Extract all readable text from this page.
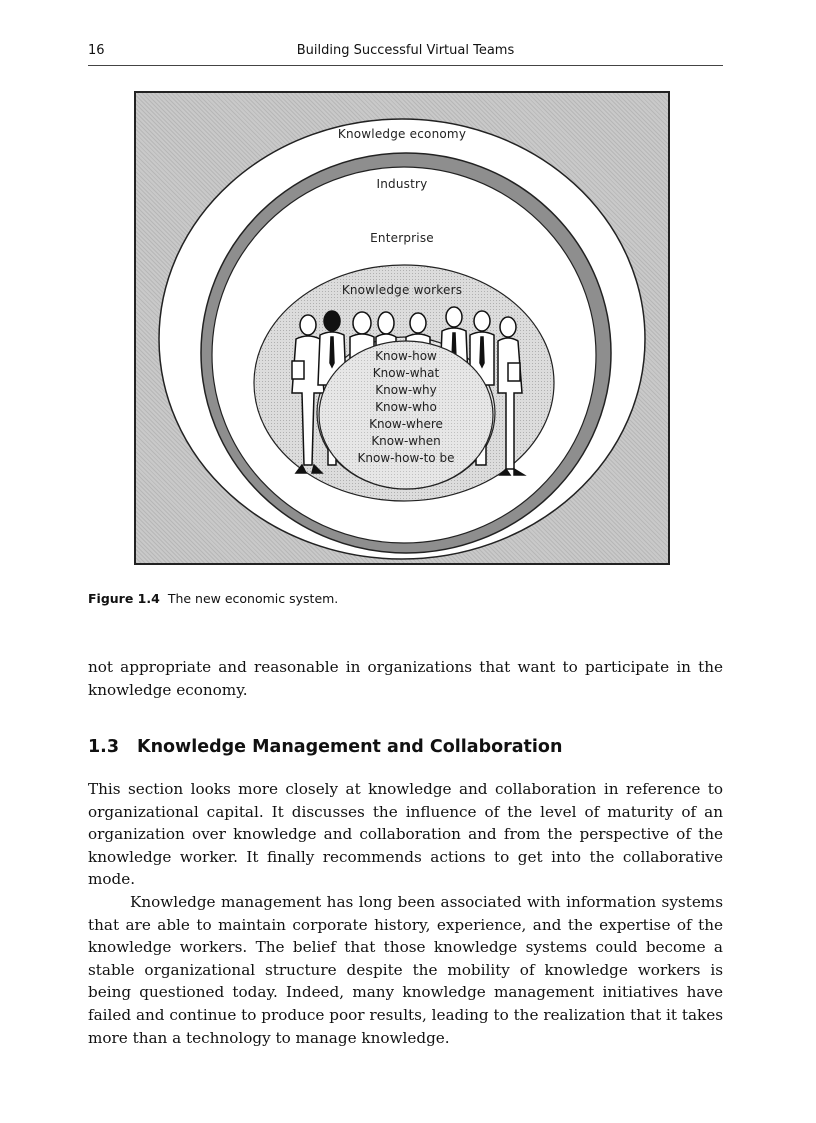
16	Building Successful Virtual Teams
Knowledge economy
Industry
Enterprise
Knowledge workers
Know-how
Know-what
Know-why
Know-who
Know-where
Know-when
Know-how-to be
Figure 1.4 The new economic system.

not appropriate and reasonable in organizations that want to participate in the knowledge economy.

1.3 Knowledge Management and Collaboration

This section looks more closely at knowledge and collaboration in reference to organizational capital. It discusses the influence of the level of maturity of an organization over knowledge and collaboration and from the perspective of the knowledge worker. It finally recommends actions to get into the collaborative mode.

Knowledge management has long been associated with information systems that are able to maintain corporate history, experience, and the expertise of the knowledge workers. The belief that those knowledge systems could become a stable organizational structure despite the mobility of knowledge workers is being questioned today. Indeed, many knowledge management initiatives have failed and continue to produce poor results, leading to the realization that it takes more than a technology to manage knowledge.
